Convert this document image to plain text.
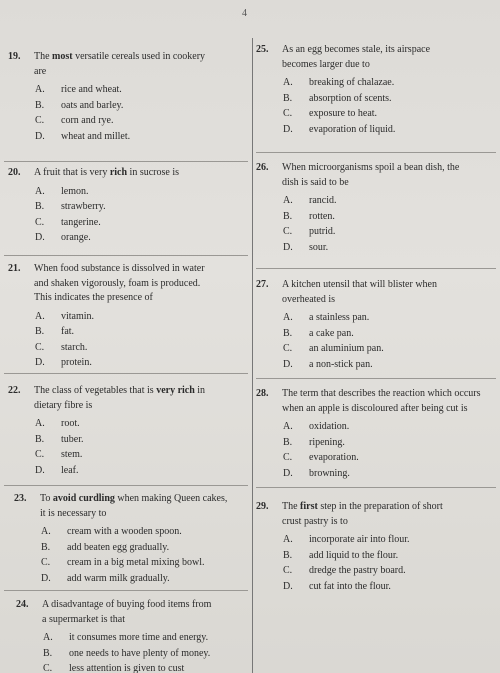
4
19. The most versatile cereals used in cookery
are
A.	rice and wheat.
B.	oats and barley.
C.	corn and rye.
D.	wheat and millet.
20. A fruit that is very rich in sucrose is
A.	lemon.
B.	strawberry.
C.	tangerine.
D.	orange.
21. When food substance is dissolved in water
and shaken vigorously, foam is produced.
This indicates the presence of
A.	vitamin.
B.	fat.
C.	starch.
D.	protein.
22. The class of vegetables that is very rich in
dietary fibre is
A.	root.
B.	tuber.
C.	stem.
D.	leaf.
23. To avoid curdling when making Queen cakes,
it is necessary to
A.	cream with a wooden spoon.
B.	add beaten egg gradually.
C.	cream in a big metal mixing bowl.
D.	add warm milk gradually.
24. A disadvantage of buying food items from
a supermarket is that
A.	it consumes more time and energy.
B.	one needs to have plenty of money.
C.	less attention is given to cust
25. As an egg becomes stale, its airspace
becomes larger due to
A.	breaking of chalazae.
B.	absorption of scents.
C.	exposure to heat.
D.	evaporation of liquid.
26. When microorganisms spoil a bean dish, the
dish is said to be
A.	rancid.
B.	rotten.
C.	putrid.
D.	sour.
27. A kitchen utensil that will blister when
overheated is
A.	a stainless pan.
B.	a cake pan.
C.	an aluminium pan.
D.	a non-stick pan.
28. The term that describes the reaction which occurs
when an apple is discoloured after being cut is
A.	oxidation.
B.	ripening.
C.	evaporation.
D.	browning.
29. The first step in the preparation of short
crust pastry is to
A.	incorporate air into flour.
B.	add liquid to the flour.
C.	dredge the pastry board.
D.	cut fat into the flour.
